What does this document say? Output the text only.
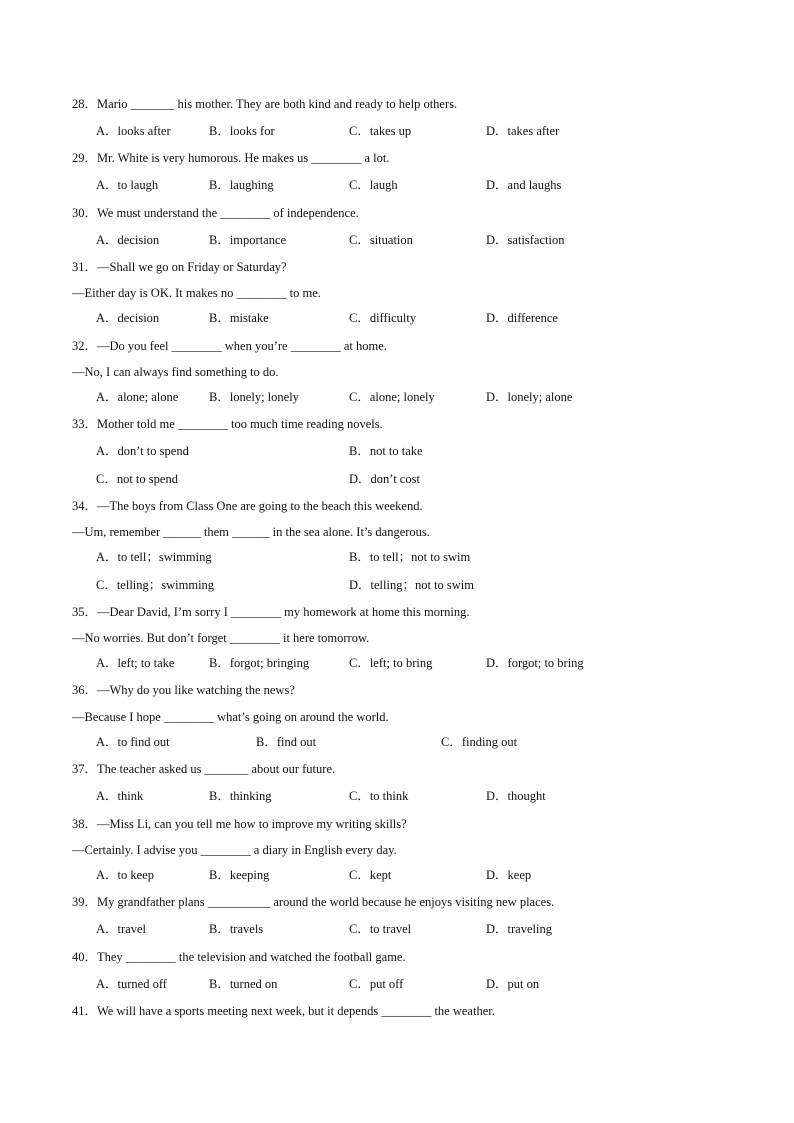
28．Mario _______ his mother. They are both kind and ready to help others.
A．looks after	B．looks for	C．takes up	D．takes after
29．Mr. White is very humorous. He makes us ________ a lot.
A．to laugh	B．laughing	C．laugh	D．and laughs
30．We must understand the ________ of independence.
A．decision	B．importance	C．situation	D．satisfaction
31．—Shall we go on Friday or Saturday?
—Either day is OK. It makes no ________ to me.
A．decision	B．mistake	C．difficulty	D．difference
32．—Do you feel ________ when you’re ________ at home.
—No, I can always find something to do.
A．alone; alone B．lonely; lonely	C．alone; lonely	D．lonely; alone
33．Mother told me ________ too much time reading novels.
A．don’t to spend	B．not to take
C．not to spend	D．don’t cost
34．—The boys from Class One are going to the beach this weekend.
—Um, remember ______ them ______ in the sea alone. It’s dangerous.
A．to tell；swimming	B．to tell；not to swim
C．telling；swimming	D．telling；not to swim
35．—Dear David, I’m sorry I ________ my homework at home this morning.
—No worries. But don’t forget ________ it here tomorrow.
A．left; to take	B．forgot; bringing	C．left; to bring	D．forgot; to bring
36．—Why do you like watching the news?
—Because I hope ________ what’s going on around the world.
A．to find out	B．find out	C．finding out
37．The teacher asked us _______ about our future.
A．think	B．thinking	C．to think	D．thought
38．—Miss Li, can you tell me how to improve my writing skills?
—Certainly. I advise you ________ a diary in English every day.
A．to keep	B．keeping	C．kept	D．keep
39．My grandfather plans __________ around the world because he enjoys visiting new places.
A．travel	B．travels	C．to travel	D．traveling
40．They ________ the television and watched the football game.
A．turned off	B．turned on	C．put off	D．put on
41．We will have a sports meeting next week, but it depends ________ the weather.
